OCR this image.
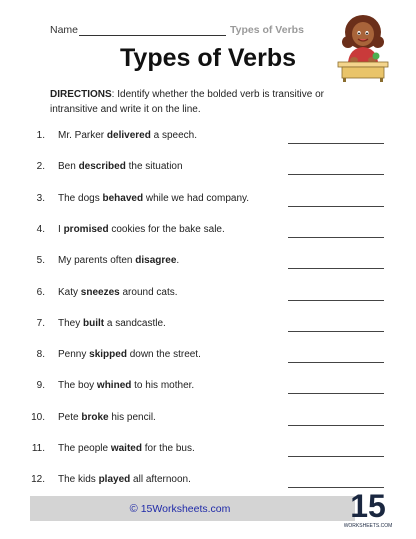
Name	Types of Verbs
Types of Verbs
DIRECTIONS: Identify whether the bolded verb is transitive or intransitive and write it on the line.
1. Mr. Parker delivered a speech.
2. Ben described the situation
3. The dogs behaved while we had company.
4. I promised cookies for the bake sale.
5. My parents often disagree.
6. Katy sneezes around cats.
7. They built a sandcastle.
8. Penny skipped down the street.
9. The boy whined to his mother.
10. Pete broke his pencil.
11. The people waited for the bus.
12. The kids played all afternoon.
© 15Worksheets.com	15
WORKSHEETS.COM
